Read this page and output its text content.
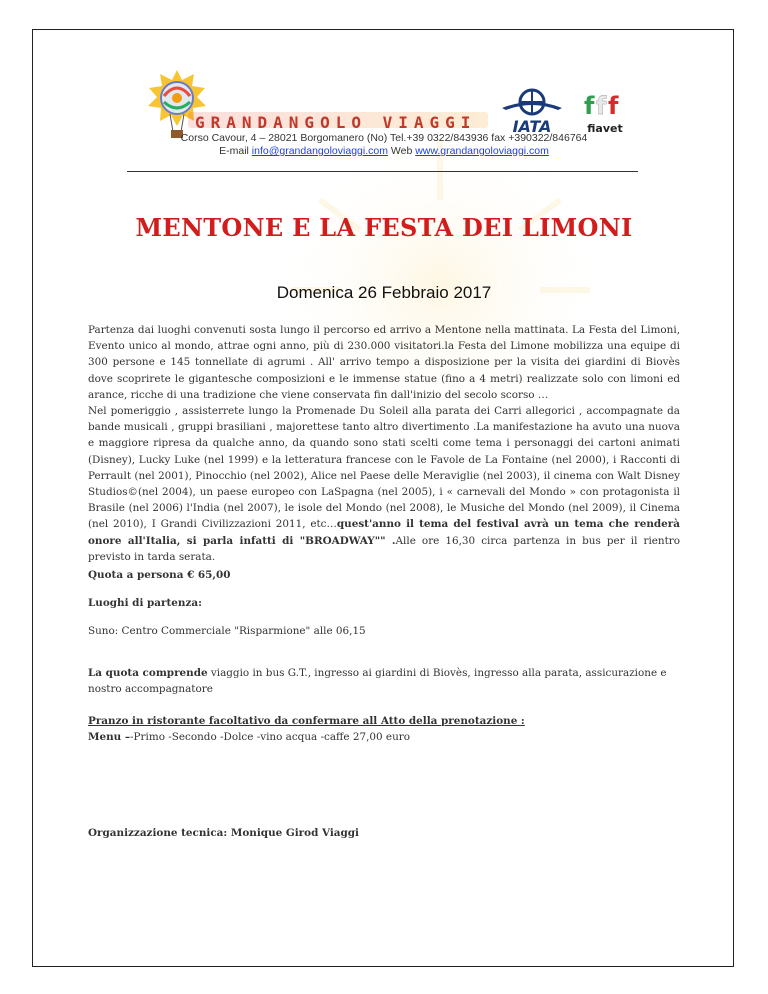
GRANDANGOLO VIAGGI IATA
f f f
fiavet
Corso Cavour, 4 – 28021 Borgomanero (No) Tel.+39 0322/843936 fax +390322/846764
E-mail info@grandangoloviaggi.com Web www.grandangoloviaggi.com
MENTONE E LA FESTA DEI LIMONI
Domenica 26 Febbraio 2017

Partenza dai luoghi convenuti sosta lungo il percorso ed arrivo a Mentone nella mattinata. La Festa del Limoni, Evento unico al mondo, attrae ogni anno, più di 230.000 visitatori.la Festa del Limone mobilizza una equipe di 300 persone e 145 tonnellate di agrumi . All' arrivo tempo a disposizione per la visita dei giardini di Biovès dove scoprirete le gigantesche composizioni e le immense statue (fino a 4 metri) realizzate solo con limoni ed arance, ricche di una tradizione che viene conservata fin dall'inizio del secolo scorso …

Nel pomeriggio , assisterrete lungo la Promenade Du Soleil alla parata dei Carri allegorici , accompagnate da bande musicali , gruppi brasiliani , majorettese tanto altro divertimento .La manifestazione ha avuto una nuova e maggiore ripresa da qualche anno, da quando sono stati scelti come tema i personaggi dei cartoni animati (Disney), Lucky Luke (nel 1999) e la letteratura francese con le Favole de La Fontaine (nel 2000), i Racconti di Perrault (nel 2001), Pinocchio (nel 2002), Alice nel Paese delle Meraviglie (nel 2003), il cinema con Walt Disney Studios©(nel 2004), un paese europeo con LaSpagna (nel 2005), i « carnevali del Mondo » con protagonista il Brasile (nel 2006) l'India (nel 2007), le isole del Mondo (nel 2008), le Musiche del Mondo (nel 2009), il Cinema (nel 2010), I Grandi Civilizzazioni 2011, etc…quest'anno il tema del festival avrà un tema che renderà onore all'Italia, si parla infatti di "BROADWAY"" .Alle ore 16,30 circa partenza in bus per il rientro previsto in tarda serata.

Quota a persona € 65,00
Luoghi di partenza:
Suno: Centro Commerciale "Risparmione" alle 06,15
La quota comprende viaggio in bus G.T., ingresso ai giardini di Biovès, ingresso alla parata, assicurazione e nostro accompagnatore
Pranzo in ristorante facoltativo da confermare all Atto della prenotazione :
Menu –-Primo -Secondo -Dolce -vino acqua -caffe 27,00 euro
Organizzazione tecnica: Monique Girod Viaggi
